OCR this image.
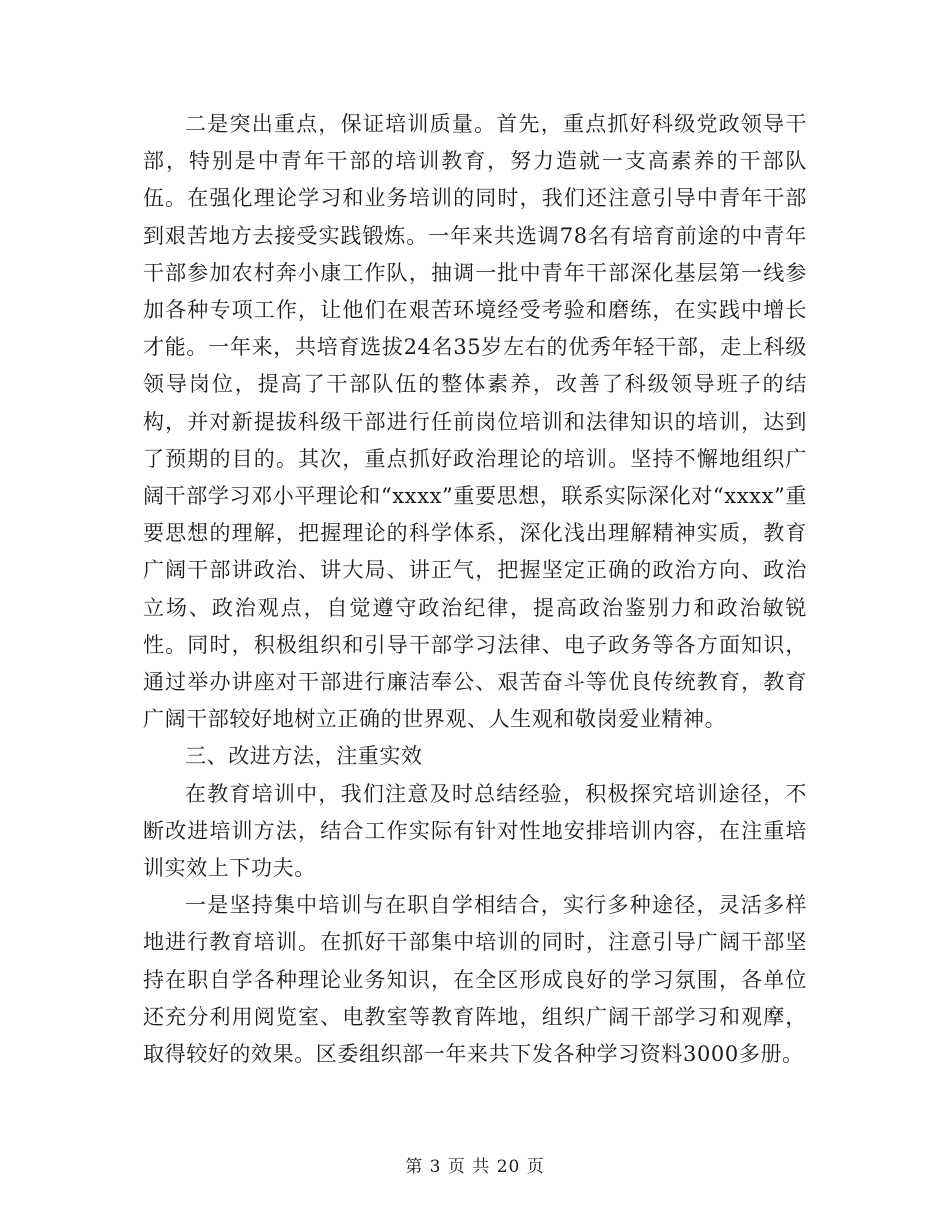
二是突出重点，保证培训质量。首先，重点抓好科级党政领导干部，特别是中青年干部的培训教育，努力造就一支高素养的干部队伍。在强化理论学习和业务培训的同时，我们还注意引导中青年干部到艰苦地方去接受实践锻炼。一年来共选调78名有培育前途的中青年干部参加农村奔小康工作队，抽调一批中青年干部深化基层第一线参加各种专项工作，让他们在艰苦环境经受考验和磨练，在实践中增长才能。一年来，共培育选拔24名35岁左右的优秀年轻干部，走上科级领导岗位，提高了干部队伍的整体素养，改善了科级领导班子的结构，并对新提拔科级干部进行任前岗位培训和法律知识的培训，达到了预期的目的。其次，重点抓好政治理论的培训。坚持不懈地组织广阔干部学习邓小平理论和“xxxx”重要思想，联系实际深化对“xxxx”重要思想的理解，把握理论的科学体系，深化浅出理解精神实质，教育广阔干部讲政治、讲大局、讲正气，把握坚定正确的政治方向、政治立场、政治观点，自觉遵守政治纪律，提高政治鉴别力和政治敏锐性。同时，积极组织和引导干部学习法律、电子政务等各方面知识，通过举办讲座对干部进行廉洁奉公、艰苦奋斗等优良传统教育，教育广阔干部较好地树立正确的世界观、人生观和敬岗爱业精神。

三、改进方法，注重实效

在教育培训中，我们注意及时总结经验，积极探究培训途径，不断改进培训方法，结合工作实际有针对性地安排培训内容，在注重培训实效上下功夫。

一是坚持集中培训与在职自学相结合，实行多种途径，灵活多样地进行教育培训。在抓好干部集中培训的同时，注意引导广阔干部坚持在职自学各种理论业务知识，在全区形成良好的学习氛围，各单位还充分利用阅览室、电教室等教育阵地，组织广阔干部学习和观摩，取得较好的效果。区委组织部一年来共下发各种学习资料3000多册。

第 3 页 共 20 页
